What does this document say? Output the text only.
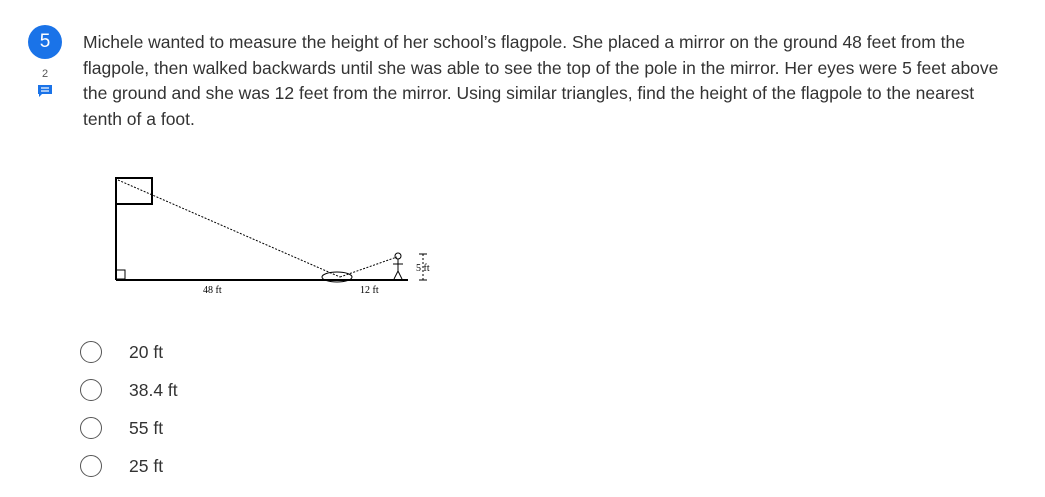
5
2
Michele wanted to measure the height of her school’s flagpole. She placed a mirror on the ground 48 feet from the flagpole, then walked backwards until she was able to see the top of the pole in the mirror. Her eyes were 5 feet above the ground and she was 12 feet from the mirror. Using similar triangles, find the height of the flagpole to the nearest tenth of a foot.
48 ft	12 ft
5 ft
20 ft
38.4 ft
55 ft
25 ft
